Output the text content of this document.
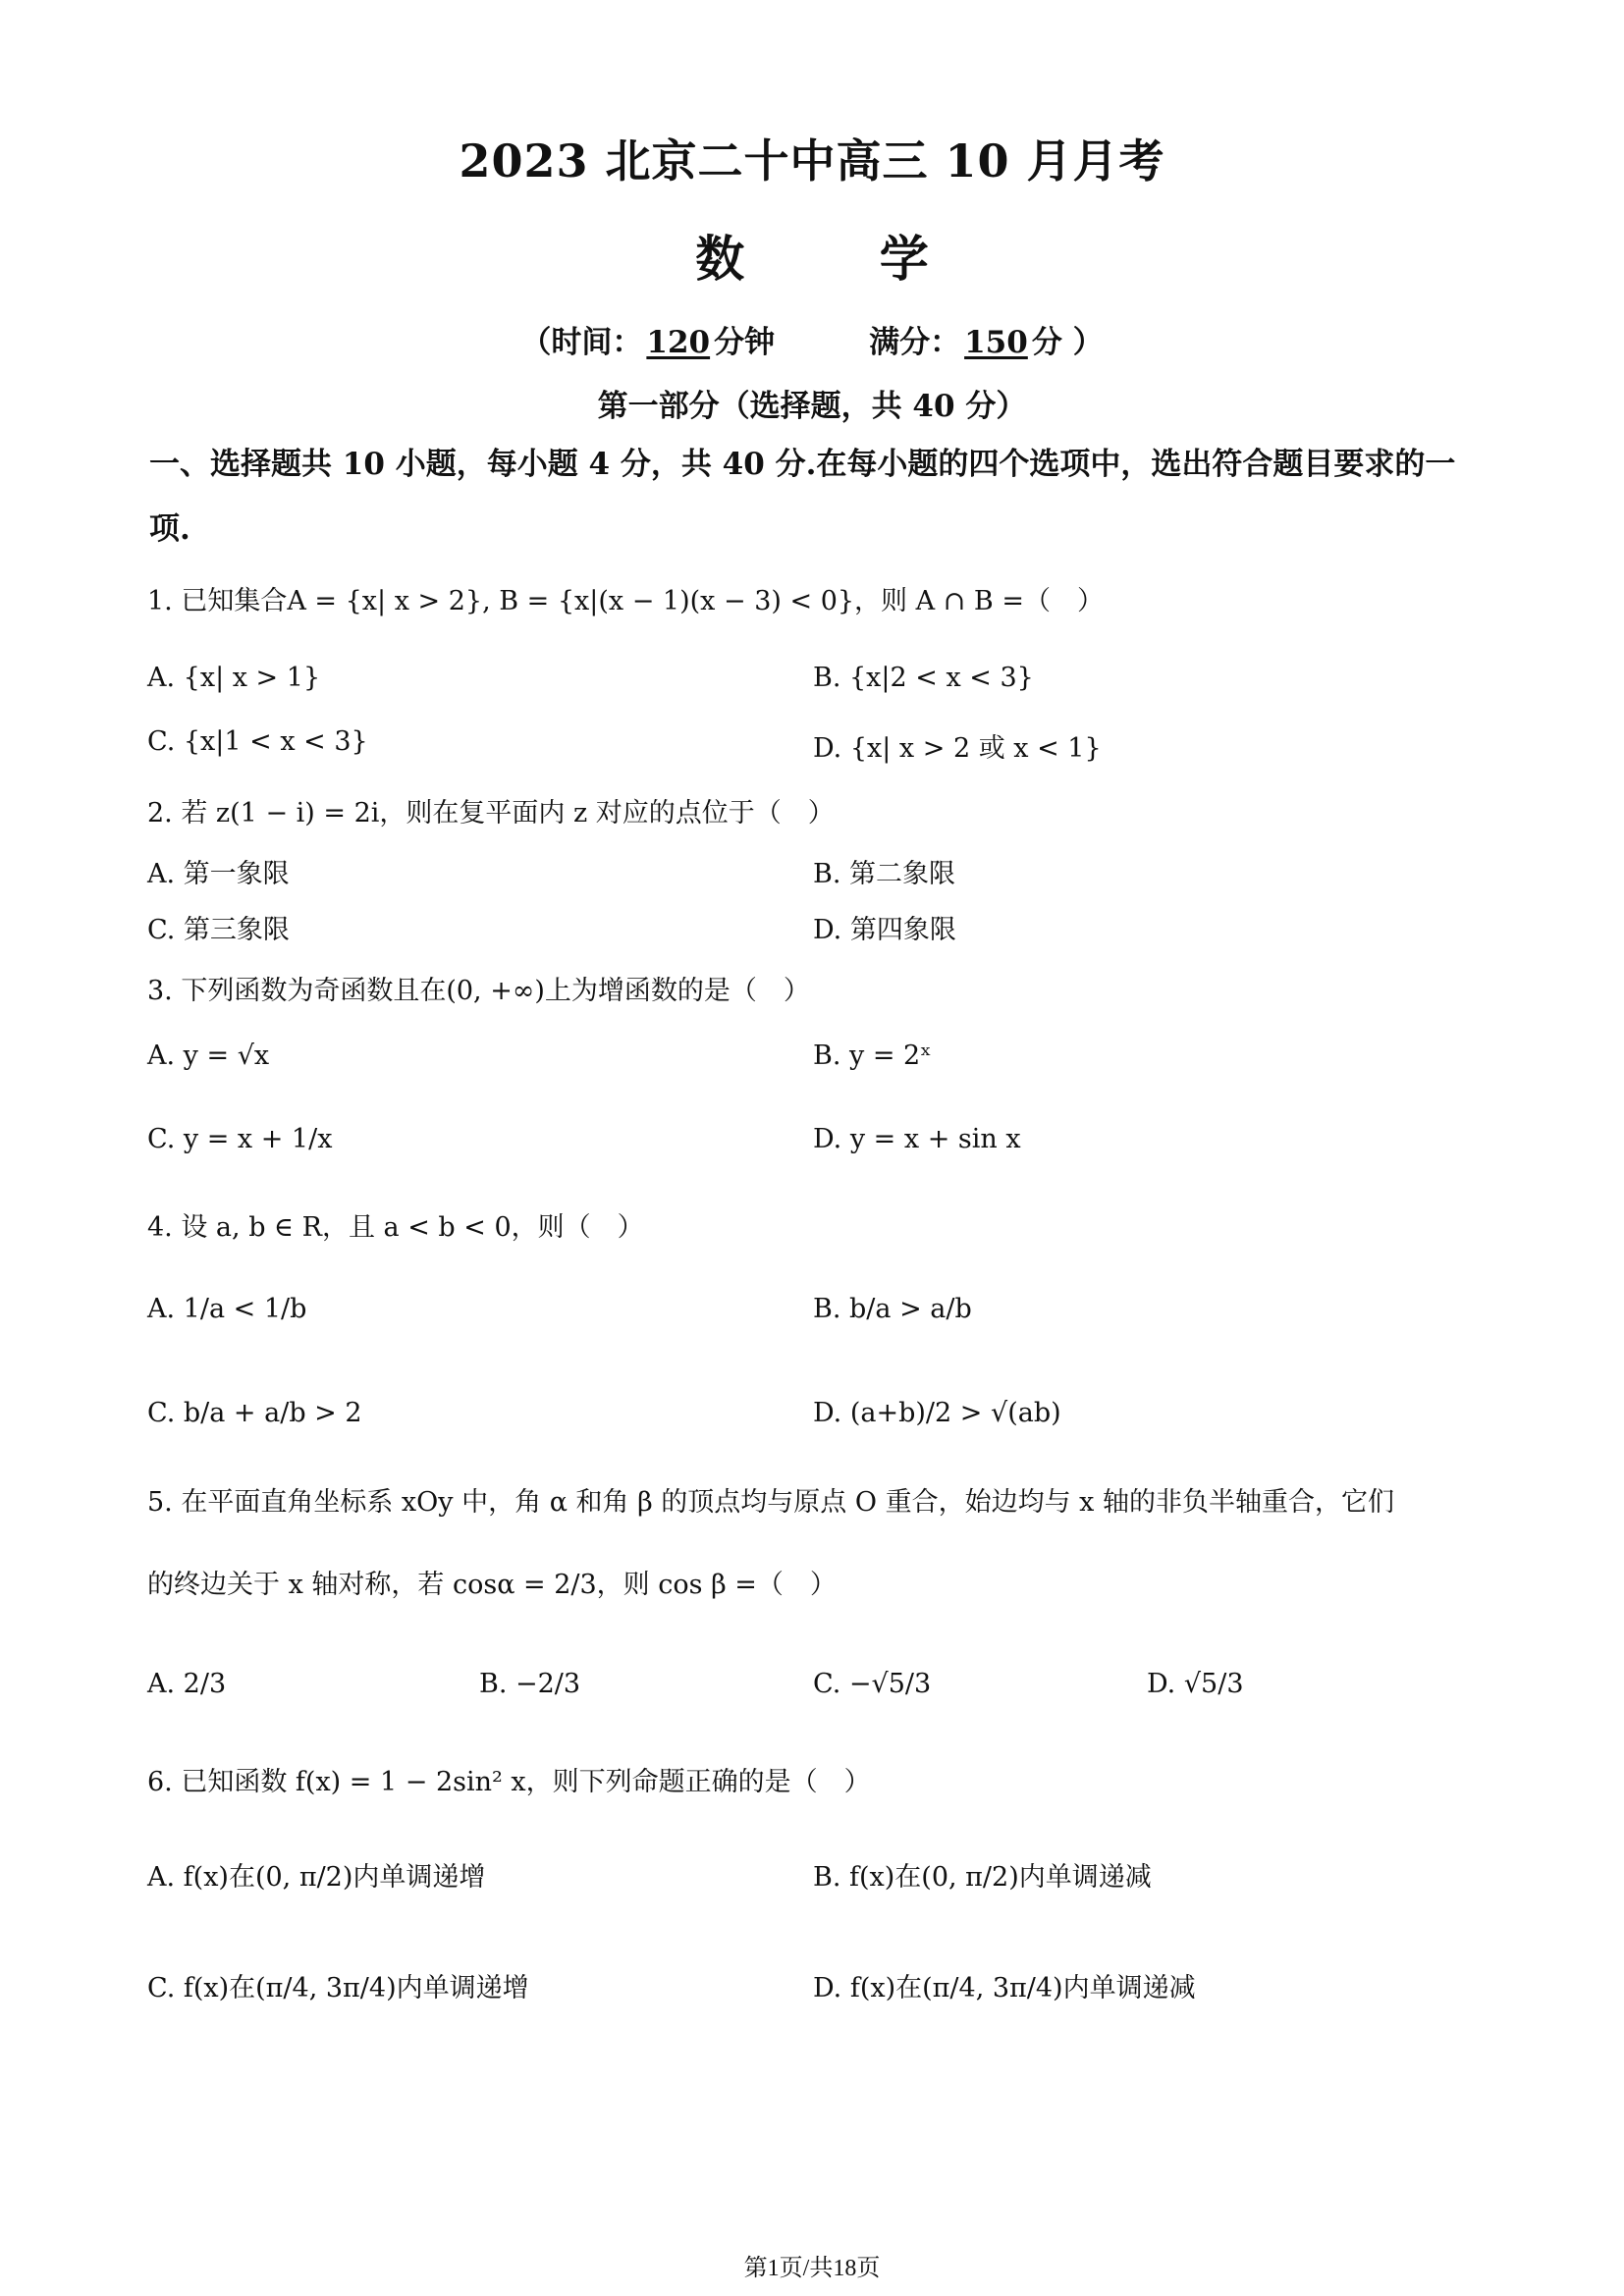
2023 北京二十中高三 10 月月考
数 学
（时间： 120 分钟	满分： 150 分 ）
第一部分（选择题，共 40 分）
一、选择题共 10 小题，每小题 4 分，共 40 分.在每小题的四个选项中，选出符合题目要求的一项.
1. 已知集合A = {x| x > 2}, B = {x|(x − 1)(x − 3) < 0}，则 A ∩ B =（　）
A. {x| x > 1}	B. {x|2 < x < 3}
C. {x|1 < x < 3}	D. {x| x > 2 或 x < 1}
2. 若 z(1 − i) = 2i，则在复平面内 z 对应的点位于（　）
A. 第一象限	B. 第二象限
C. 第三象限	D. 第四象限
3. 下列函数为奇函数且在(0, +∞)上为增函数的是（　）
A. y = √x	B. y = 2ˣ
C. y = x + 1/x	D. y = x + sin x
4. 设 a, b ∈ R，且 a < b < 0，则（　）
A. 1/a < 1/b	B. b/a > a/b
C. b/a + a/b > 2	D. (a+b)/2 > √(ab)
5. 在平面直角坐标系 xOy 中，角 α 和角 β 的顶点均与原点 O 重合，始边均与 x 轴的非负半轴重合，它们
的终边关于 x 轴对称，若 cosα = 2/3，则 cos β =（　）
A. 2/3	B. −2/3	C. −√5/3	D. √5/3
6. 已知函数 f(x) = 1 − 2sin² x，则下列命题正确的是（　）
A. f(x)在(0, π/2)内单调递增	B. f(x)在(0, π/2)内单调递减
C. f(x)在(π/4, 3π/4)内单调递增	D. f(x)在(π/4, 3π/4)内单调递减
第1页/共18页
